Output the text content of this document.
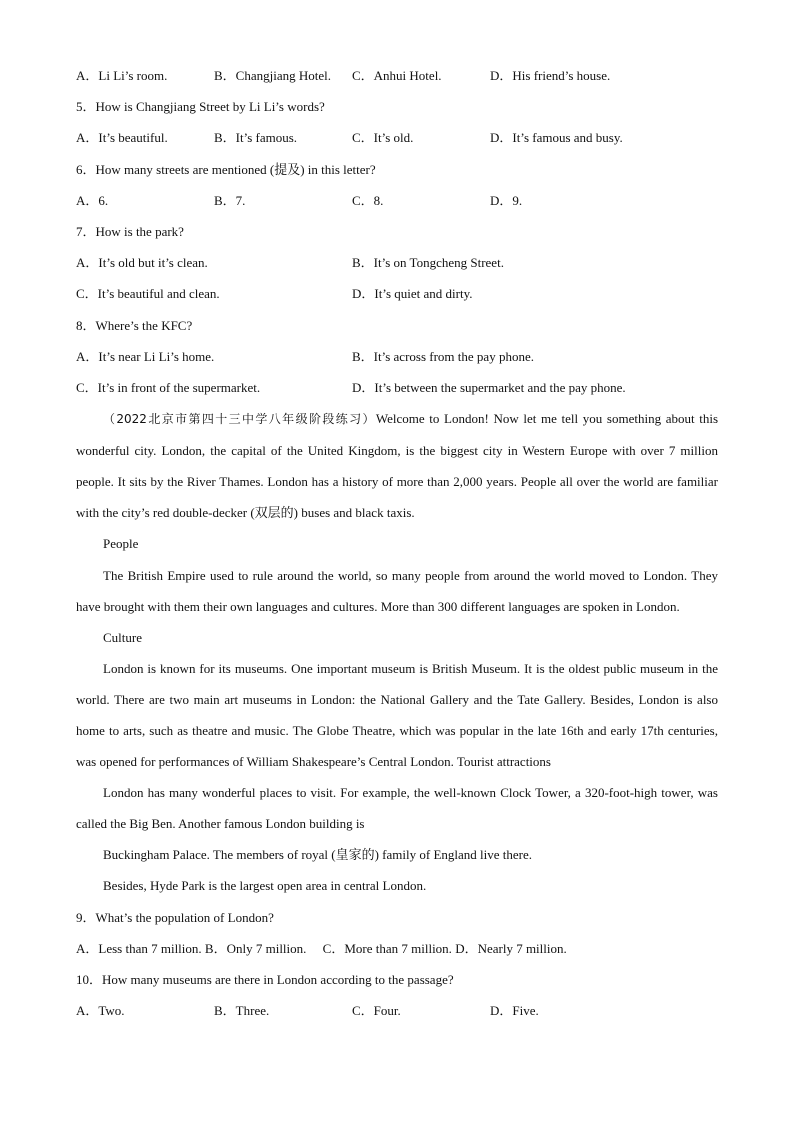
A．Li Li’s room.	B．Changjiang Hotel.	C．Anhui Hotel.	D．His friend’s house.
5．How is Changjiang Street by Li Li’s words?
A．It’s beautiful.	B．It’s famous.	C．It’s old.	D．It’s famous and busy.
6．How many streets are mentioned (提及) in this letter?
A．6.	B．7.	C．8.	D．9.
7．How is the park?
A．It’s old but it’s clean.	B．It’s on Tongcheng Street.
C．It’s beautiful and clean.	D．It’s quiet and dirty.
8．Where’s the KFC?
A．It’s near Li Li’s home.	B．It’s across from the pay phone.
C．It’s in front of the supermarket.	D．It’s between the supermarket and the pay phone.
（2022北京市第四十三中学八年级阶段练习）Welcome to London! Now let me tell you something about this wonderful city. London, the capital of the United Kingdom, is the biggest city in Western Europe with over 7 million people. It sits by the River Thames. London has a history of more than 2,000 years. People all over the world are familiar with the city’s red double-decker (双层的) buses and black taxis.
People
The British Empire used to rule around the world, so many people from around the world moved to London. They have brought with them their own languages and cultures. More than 300 different languages are spoken in London.
Culture
London is known for its museums. One important museum is British Museum. It is the oldest public museum in the world. There are two main art museums in London: the National Gallery and the Tate Gallery. Besides, London is also home to arts, such as theatre and music. The Globe Theatre, which was popular in the late 16th and early 17th centuries, was opened for performances of William Shakespeare’s Central London. Tourist attractions
London has many wonderful places to visit. For example, the well-known Clock Tower, a 320-foot-high tower, was called the Big Ben. Another famous London building is
Buckingham Palace. The members of royal (皇家的) family of England live there.
Besides, Hyde Park is the largest open area in central London.
9．What’s the population of London?
A．Less than 7 million. B．Only 7 million. C．More than 7 million. D．Nearly 7 million.
10．How many museums are there in London according to the passage?
A．Two.	B．Three.	C．Four.	D．Five.
